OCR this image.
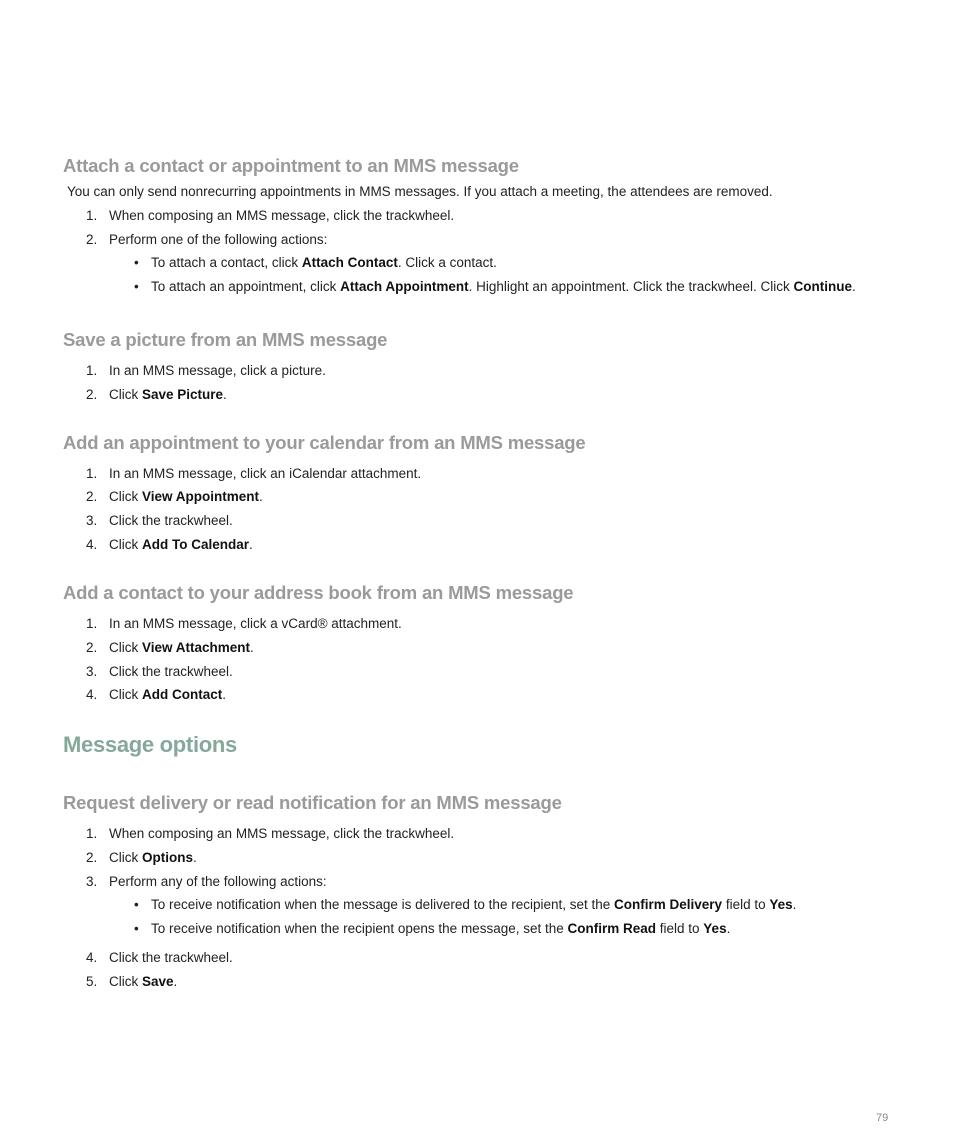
Attach a contact or appointment to an MMS message
You can only send nonrecurring appointments in MMS messages. If you attach a meeting, the attendees are removed.
1. When composing an MMS message, click the trackwheel.
2. Perform one of the following actions:
• To attach a contact, click Attach Contact. Click a contact.
• To attach an appointment, click Attach Appointment. Highlight an appointment. Click the trackwheel. Click Continue.
Save a picture from an MMS message
1. In an MMS message, click a picture.
2. Click Save Picture.
Add an appointment to your calendar from an MMS message
1. In an MMS message, click an iCalendar attachment.
2. Click View Appointment.
3. Click the trackwheel.
4. Click Add To Calendar.
Add a contact to your address book from an MMS message
1. In an MMS message, click a vCard® attachment.
2. Click View Attachment.
3. Click the trackwheel.
4. Click Add Contact.
Message options
Request delivery or read notification for an MMS message
1. When composing an MMS message, click the trackwheel.
2. Click Options.
3. Perform any of the following actions:
• To receive notification when the message is delivered to the recipient, set the Confirm Delivery field to Yes.
• To receive notification when the recipient opens the message, set the Confirm Read field to Yes.
4. Click the trackwheel.
5. Click Save.
79
